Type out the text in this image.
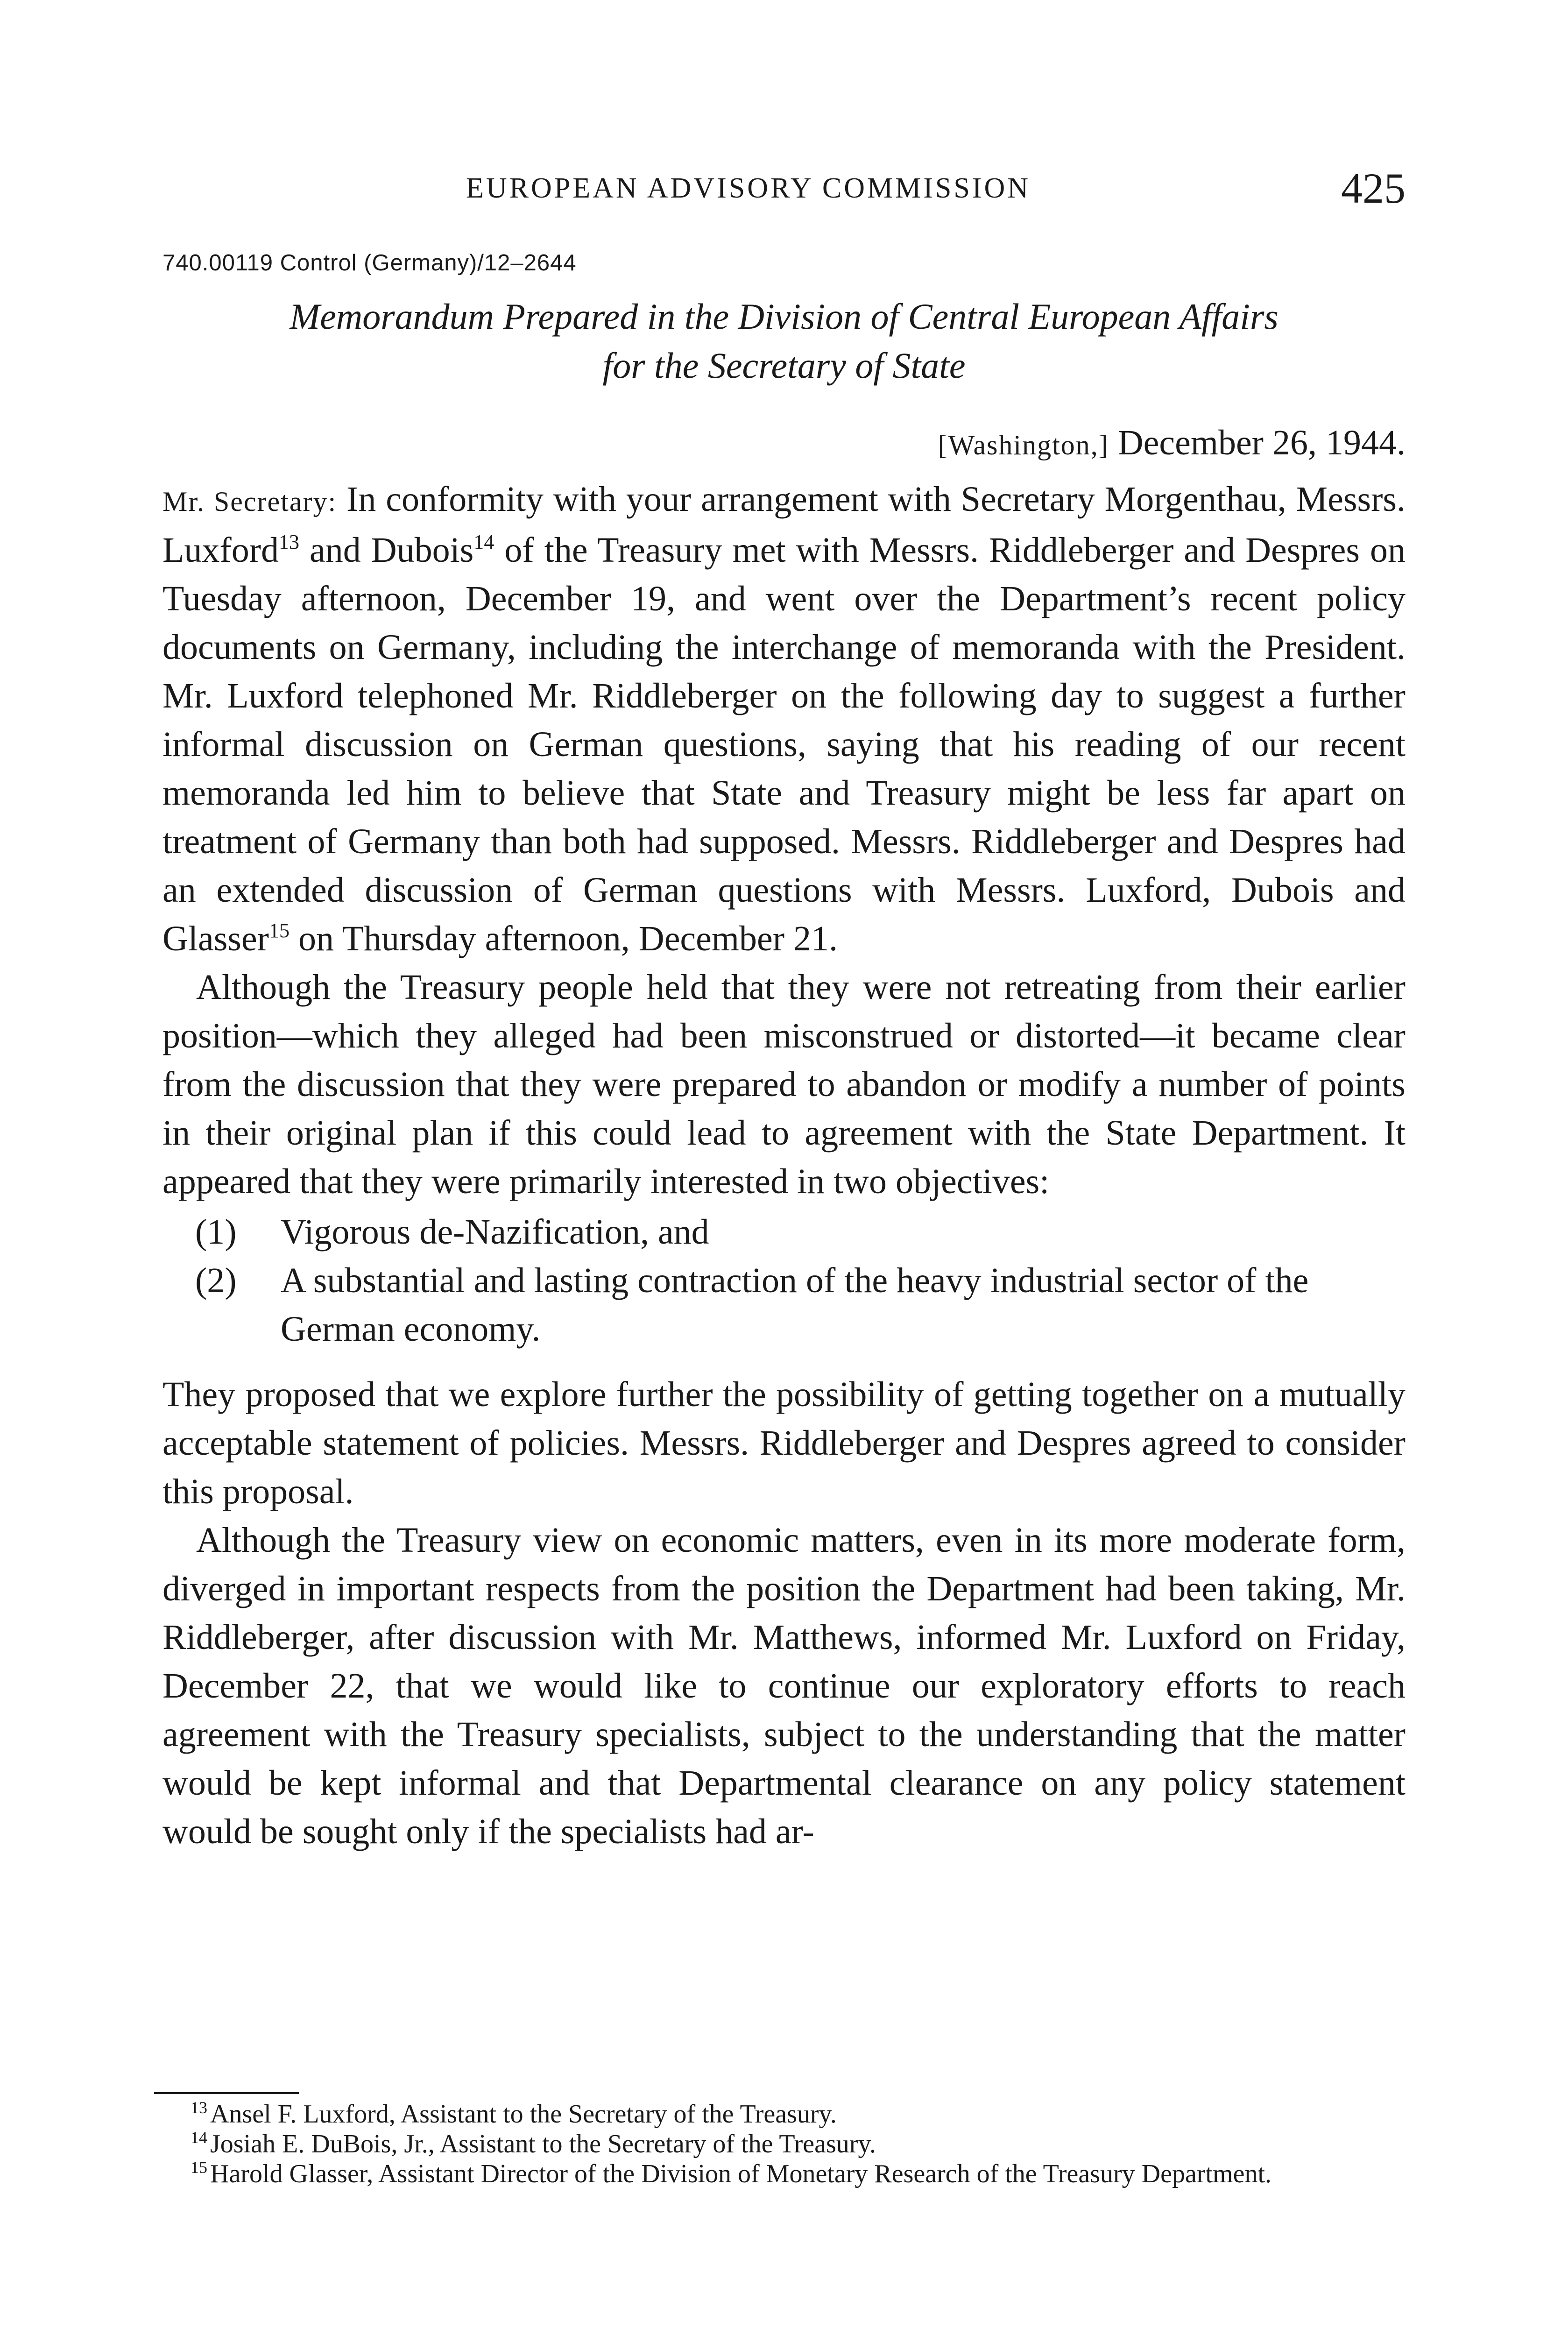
EUROPEAN ADVISORY COMMISSION	425
740.00119 Control (Germany)/12–2644
Memorandum Prepared in the Division of Central European Affairs
for the Secretary of State
[Washington,] December 26, 1944.

Mr. Secretary: In conformity with your arrangement with Secretary Morgenthau, Messrs. Luxford$^{13}$ and Dubois$^{14}$ of the Treasury met with Messrs. Riddleberger and Despres on Tuesday afternoon, December 19, and went over the Department’s recent policy documents on Germany, including the interchange of memoranda with the President. Mr. Luxford telephoned Mr. Riddleberger on the following day to suggest a further informal discussion on German questions, saying that his reading of our recent memoranda led him to believe that State and Treasury might be less far apart on treatment of Germany than both had supposed. Messrs. Riddleberger and Despres had an extended discussion of German questions with Messrs. Luxford, Dubois and Glasser$^{15}$ on Thursday afternoon, December 21.

Although the Treasury people held that they were not retreating from their earlier position—which they alleged had been misconstrued or distorted—it became clear from the discussion that they were prepared to abandon or modify a number of points in their original plan if this could lead to agreement with the State Department. It appeared that they were primarily interested in two objectives:

(1) Vigorous de-Nazification, and
(2) A substantial and lasting contraction of the heavy industrial sector of the German economy.

They proposed that we explore further the possibility of getting together on a mutually acceptable statement of policies. Messrs. Riddleberger and Despres agreed to consider this proposal.

Although the Treasury view on economic matters, even in its more moderate form, diverged in important respects from the position the Department had been taking, Mr. Riddleberger, after discussion with Mr. Matthews, informed Mr. Luxford on Friday, December 22, that we would like to continue our exploratory efforts to reach agreement with the Treasury specialists, subject to the understanding that the matter would be kept informal and that Departmental clearance on any policy statement would be sought only if the specialists had ar-

$^{13}$ Ansel F. Luxford, Assistant to the Secretary of the Treasury.
$^{14}$ Josiah E. DuBois, Jr., Assistant to the Secretary of the Treasury.
$^{15}$ Harold Glasser, Assistant Director of the Division of Monetary Research of the Treasury Department.
